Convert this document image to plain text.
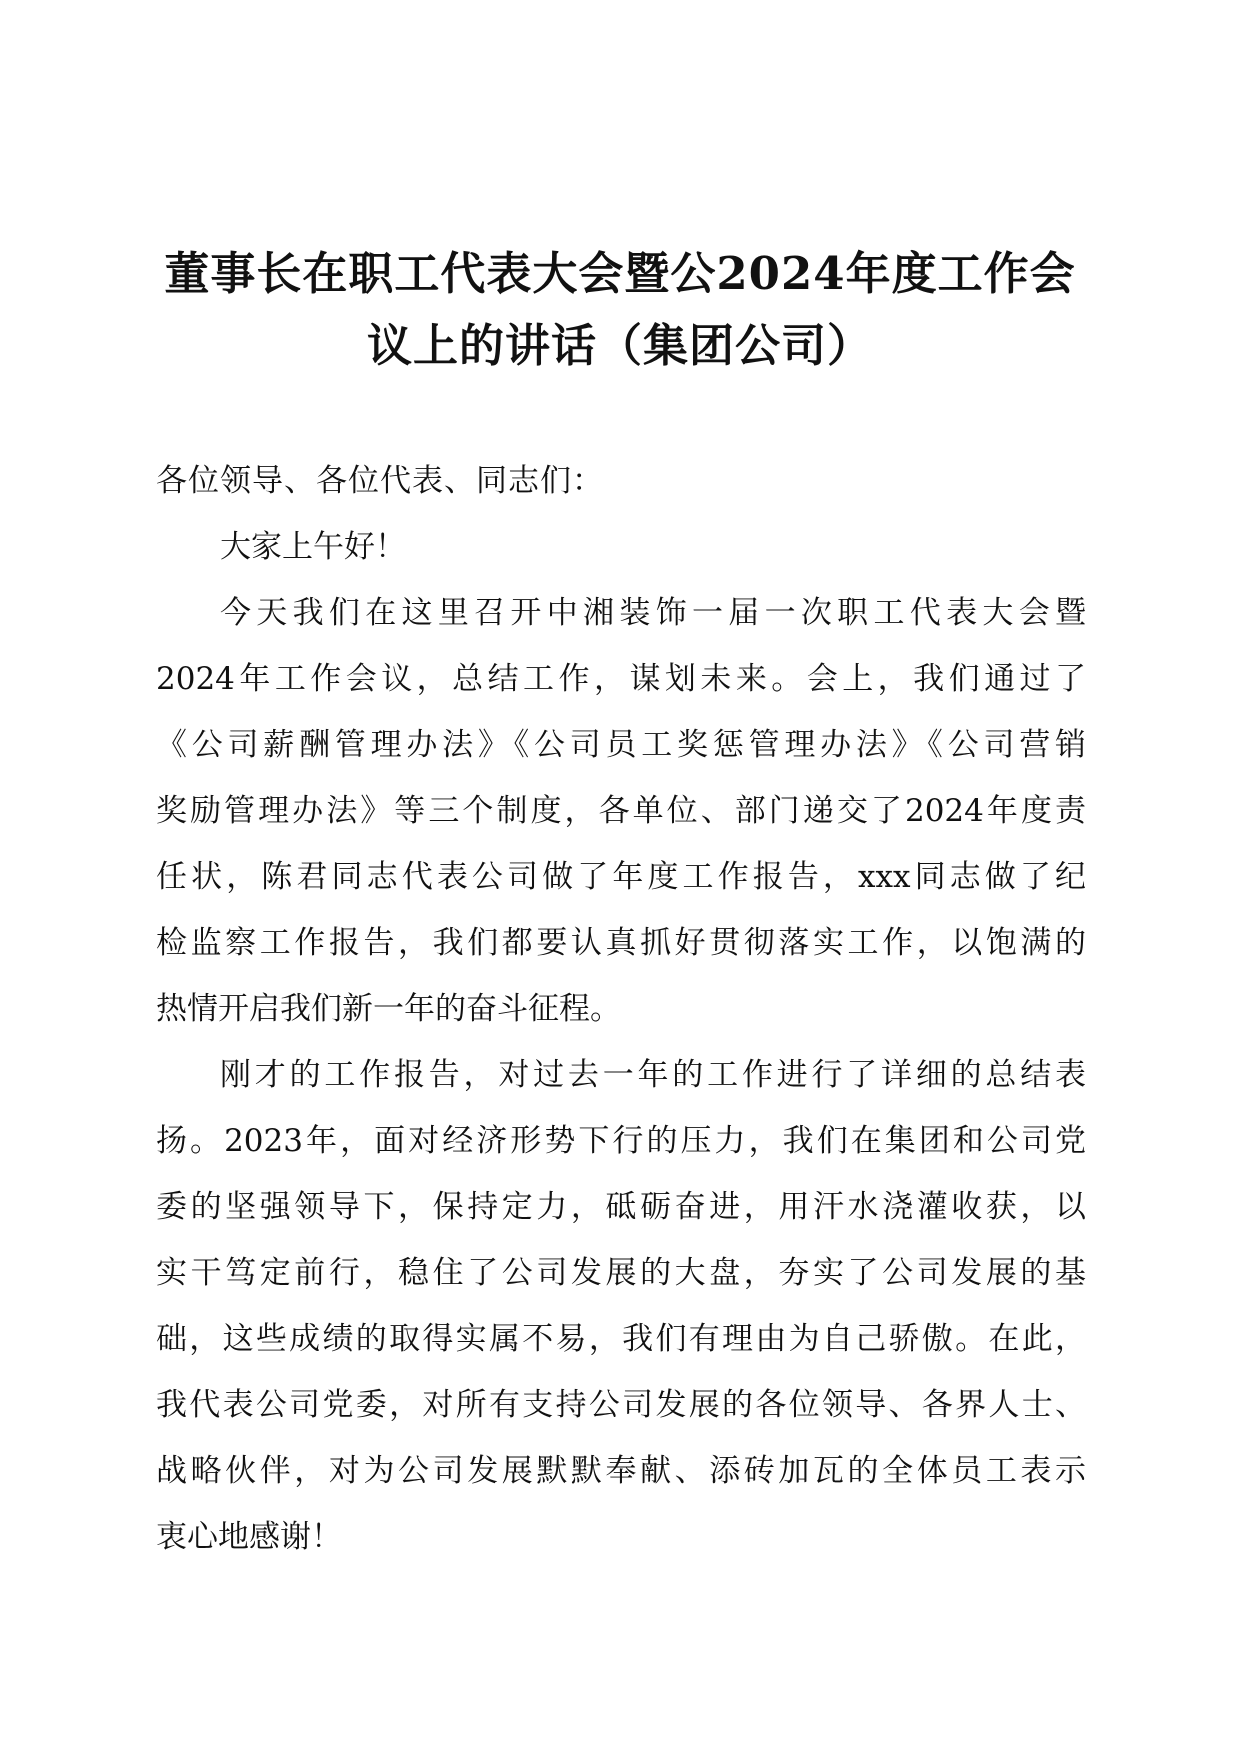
董事长在职工代表大会暨公2024年度工作会
议上的讲话（集团公司）
各位领导、各位代表、同志们：
大家上午好！
今天我们在这里召开中湘装饰一届一次职工代表大会暨
2024年工作会议，总结工作，谋划未来。会上，我们通过了
《公司薪酬管理办法》《公司员工奖惩管理办法》《公司营销
奖励管理办法》等三个制度，各单位、部门递交了2024年度责
任状，陈君同志代表公司做了年度工作报告，xxx同志做了纪
检监察工作报告，我们都要认真抓好贯彻落实工作，以饱满的
热情开启我们新一年的奋斗征程。
刚才的工作报告，对过去一年的工作进行了详细的总结表
扬。2023年，面对经济形势下行的压力，我们在集团和公司党
委的坚强领导下，保持定力，砥砺奋进，用汗水浇灌收获，以
实干笃定前行，稳住了公司发展的大盘，夯实了公司发展的基
础，这些成绩的取得实属不易，我们有理由为自己骄傲。在此，
我代表公司党委，对所有支持公司发展的各位领导、各界人士、
战略伙伴，对为公司发展默默奉献、添砖加瓦的全体员工表示
衷心地感谢！
